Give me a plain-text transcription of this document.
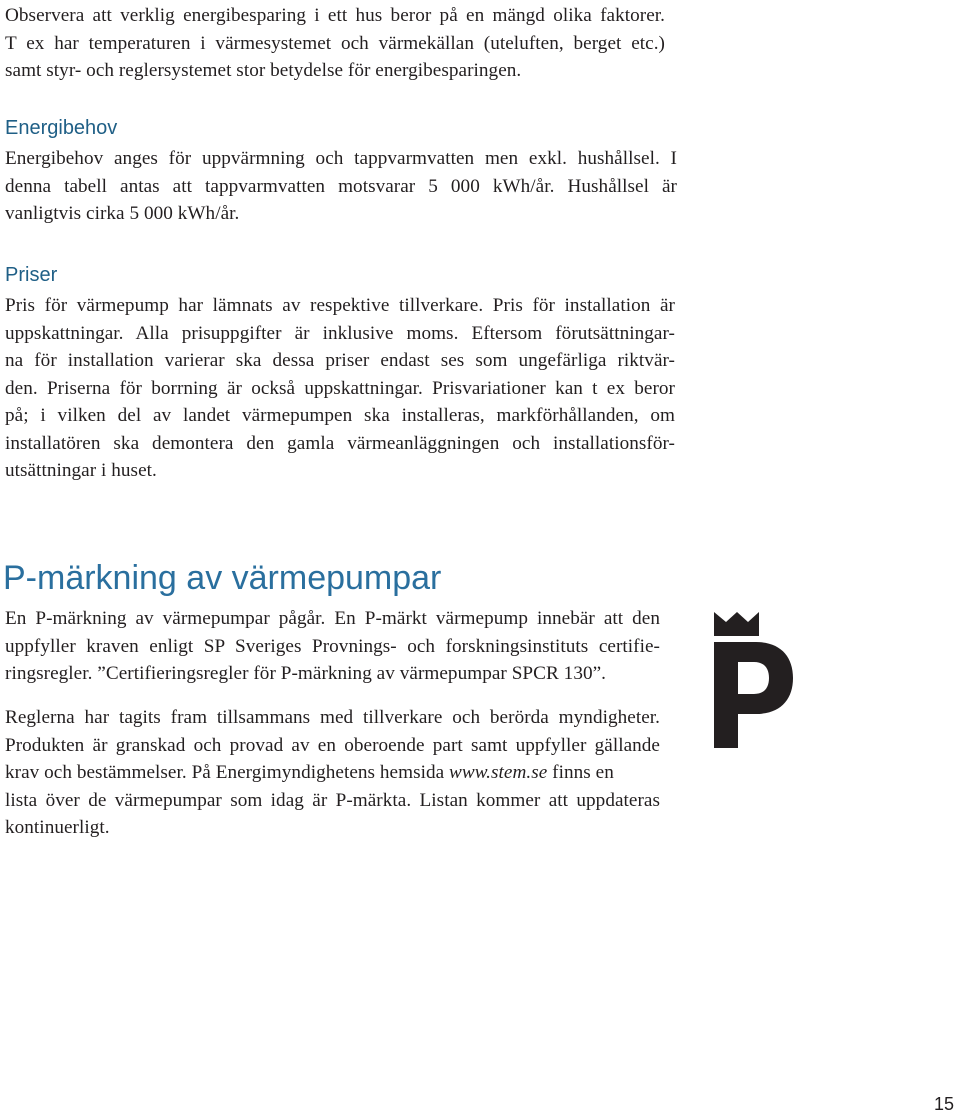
Observera att verklig energibesparing i ett hus beror på en mängd olika faktorer.
T ex har temperaturen i värmesystemet och värmekällan (uteluften, berget etc.)
samt styr- och reglersystemet stor betydelse för energibesparingen.

Energibehov

Energibehov anges för uppvärmning och tappvarmvatten men exkl. hushållsel. I
denna tabell antas att tappvarmvatten motsvarar 5 000 kWh/år. Hushållsel är
vanligtvis cirka 5 000 kWh/år.

Priser

Pris för värmepump har lämnats av respektive tillverkare. Pris för installation är
uppskattningar. Alla prisuppgifter är inklusive moms. Eftersom förutsättningar-
na för installation varierar ska dessa priser endast ses som ungefärliga riktvär-
den. Priserna för borrning är också uppskattningar. Prisvariationer kan t ex beror
på; i vilken del av landet värmepumpen ska installeras, markförhållanden, om
installatören ska demontera den gamla värmeanläggningen och installationsför-
utsättningar i huset.

P-märkning av värmepumpar

En P-märkning av värmepumpar pågår. En P-märkt värmepump innebär att den
uppfyller kraven enligt SP Sveriges Provnings- och forskningsinstituts certifie-
ringsregler. ”Certifieringsregler för P-märkning av värmepumpar SPCR 130”.

Reglerna har tagits fram tillsammans med tillverkare och berörda myndigheter.
Produkten är granskad och provad av en oberoende part samt uppfyller gällande
krav och bestämmelser. På Energimyndighetens hemsida www.stem.se finns en
lista över de värmepumpar som idag är P-märkta. Listan kommer att uppdateras
kontinuerligt.

15
